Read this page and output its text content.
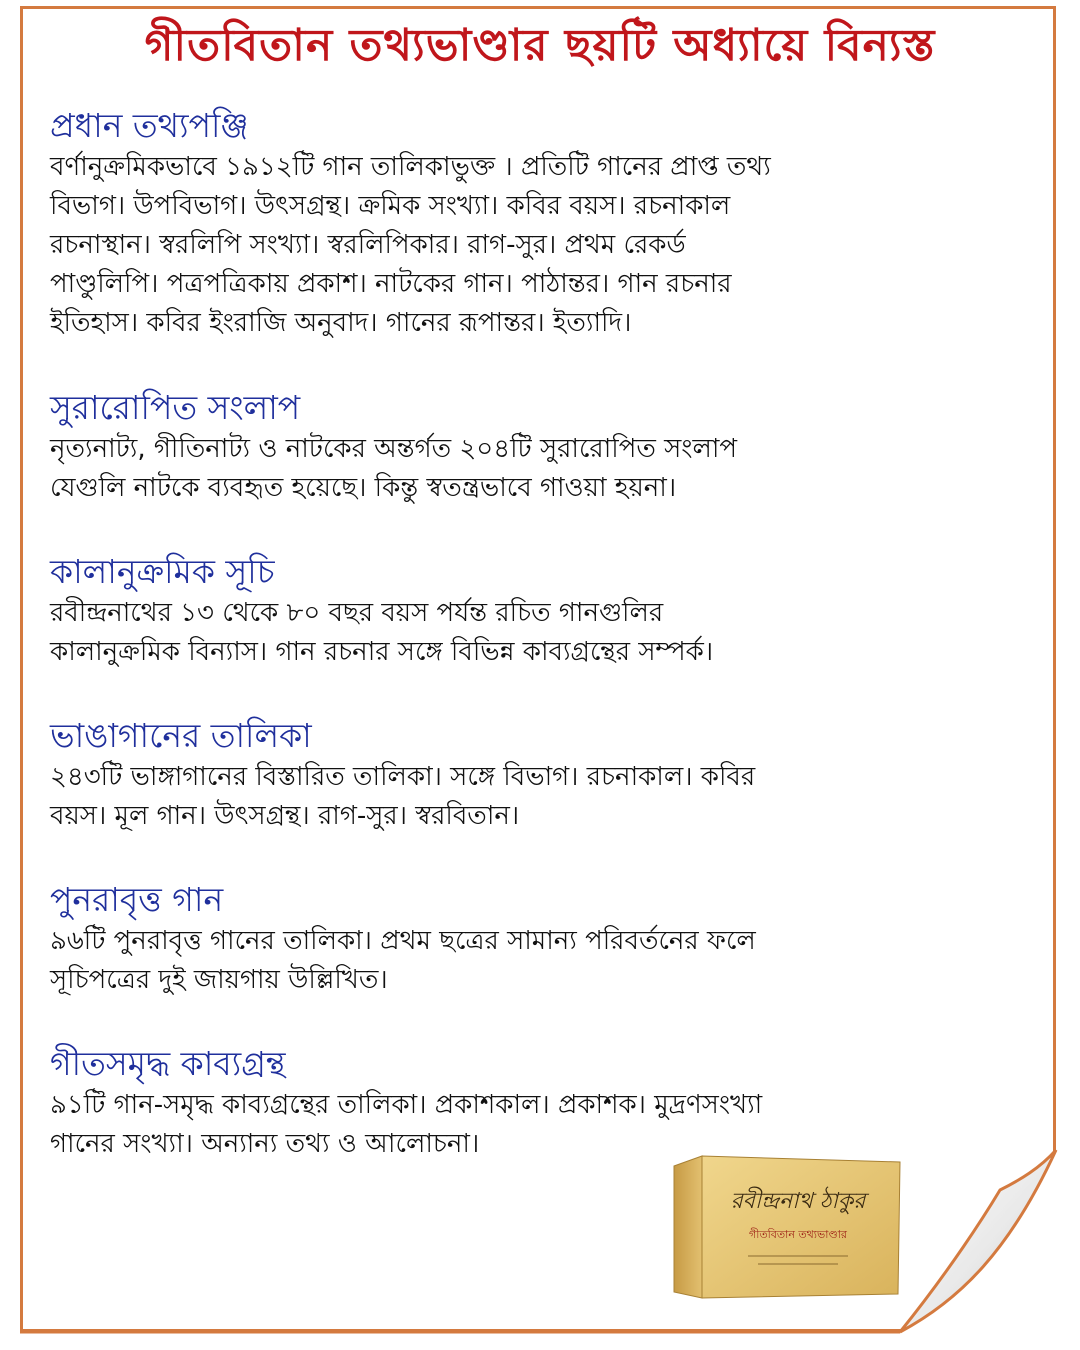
গীতবিতান তথ্যভাণ্ডার ছয়টি অধ্যায়ে বিন্যস্ত
প্রধান তথ্যপঞ্জি

বর্ণানুক্রমিকভাবে ১৯১২টি গান তালিকাভুক্ত । প্রতিটি গানের প্রাপ্ত তথ্য
বিভাগ। উপবিভাগ। উৎসগ্রন্থ। ক্রমিক সংখ্যা। কবির বয়স। রচনাকাল
রচনাস্থান। স্বরলিপি সংখ্যা। স্বরলিপিকার। রাগ-সুর। প্রথম রেকর্ড
পাণ্ডুলিপি। পত্রপত্রিকায় প্রকাশ। নাটকের গান। পাঠান্তর। গান রচনার
ইতিহাস। কবির ইংরাজি অনুবাদ। গানের রূপান্তর। ইত্যাদি।

সুরারোপিত সংলাপ

নৃত্যনাট্য, গীতিনাট্য ও নাটকের অন্তর্গত ২০৪টি সুরারোপিত সংলাপ
যেগুলি নাটকে ব্যবহৃত হয়েছে। কিন্তু স্বতন্ত্রভাবে গাওয়া হয়না।

কালানুক্রমিক সূচি

রবীন্দ্রনাথের ১৩ থেকে ৮০ বছর বয়স পর্যন্ত রচিত গানগুলির
কালানুক্রমিক বিন্যাস। গান রচনার সঙ্গে বিভিন্ন কাব্যগ্রন্থের সম্পর্ক।

ভাঙাগানের তালিকা

২৪৩টি ভাঙ্গাগানের বিস্তারিত তালিকা। সঙ্গে বিভাগ। রচনাকাল। কবির
বয়স। মূল গান। উৎসগ্রন্থ। রাগ-সুর। স্বরবিতান।

পুনরাবৃত্ত গান

৯৬টি পুনরাবৃত্ত গানের তালিকা। প্রথম ছত্রের সামান্য পরিবর্তনের ফলে
সূচিপত্রের দুই জায়গায় উল্লিখিত।

গীতসমৃদ্ধ কাব্যগ্রন্থ

৯১টি গান-সমৃদ্ধ কাব্যগ্রন্থের তালিকা। প্রকাশকাল। প্রকাশক। মুদ্রণসংখ্যা
গানের সংখ্যা। অন্যান্য তথ্য ও আলোচনা।

রবীন্দ্রনাথ ঠাকুর
গীতবিতান তথ্যভাণ্ডার
